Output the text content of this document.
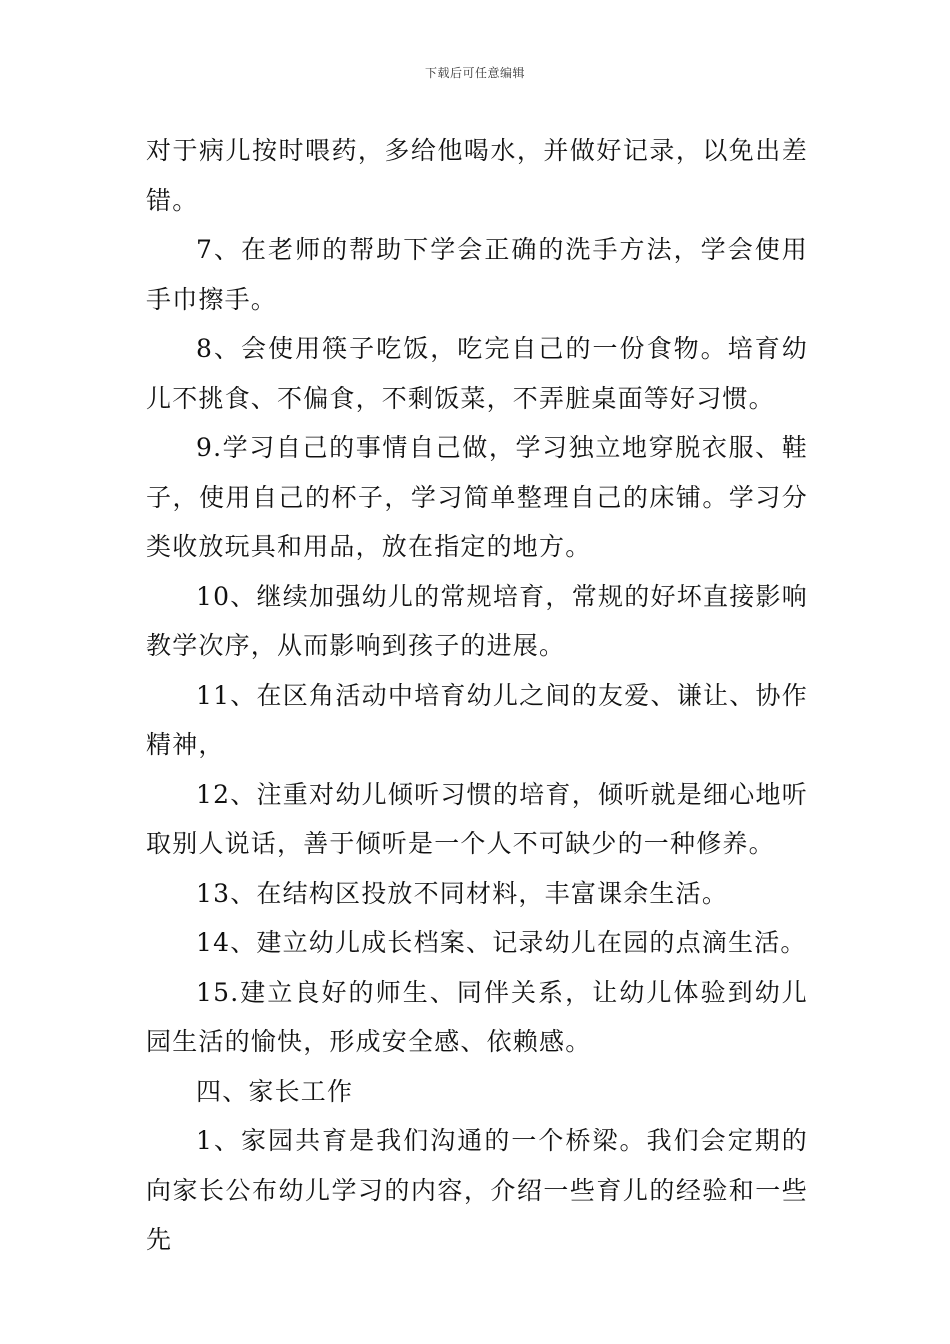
下载后可任意编辑

对于病儿按时喂药，多给他喝水，并做好记录，以免出差错。

7、在老师的帮助下学会正确的洗手方法，学会使用手巾擦手。

8、会使用筷子吃饭，吃完自己的一份食物。培育幼儿不挑食、不偏食，不剩饭菜，不弄脏桌面等好习惯。

9.学习自己的事情自己做，学习独立地穿脱衣服、鞋子，使用自己的杯子，学习简单整理自己的床铺。学习分类收放玩具和用品，放在指定的地方。

10、继续加强幼儿的常规培育，常规的好坏直接影响教学次序，从而影响到孩子的进展。

11、在区角活动中培育幼儿之间的友爱、谦让、协作精神，

12、注重对幼儿倾听习惯的培育，倾听就是细心地听取别人说话，善于倾听是一个人不可缺少的一种修养。

13、在结构区投放不同材料，丰富课余生活。

14、建立幼儿成长档案、记录幼儿在园的点滴生活。

15.建立良好的师生、同伴关系，让幼儿体验到幼儿园生活的愉快，形成安全感、依赖感。

四、家长工作

1、家园共育是我们沟通的一个桥梁。我们会定期的向家长公布幼儿学习的内容，介绍一些育儿的经验和一些先
